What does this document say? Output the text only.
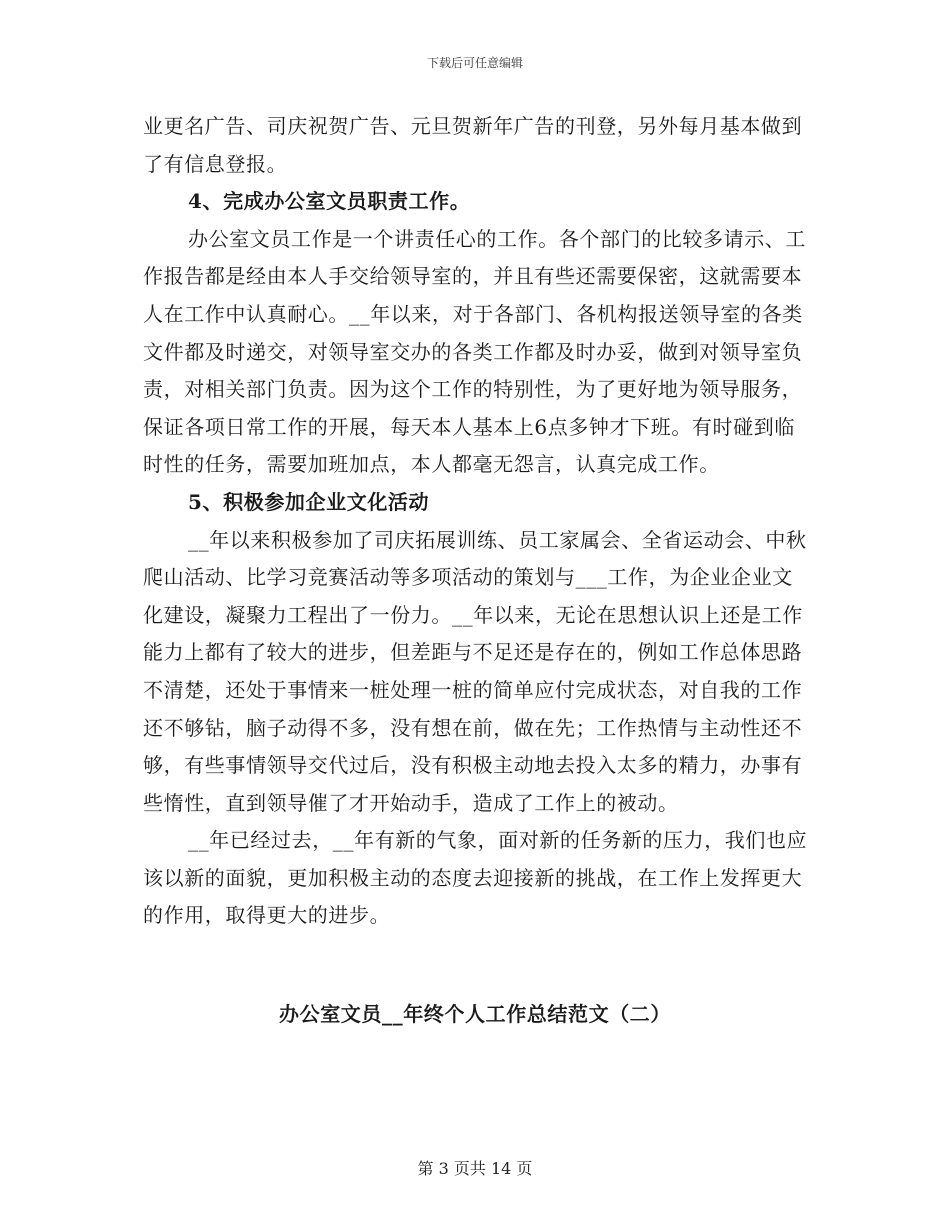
下载后可任意编辑

业更名广告、司庆祝贺广告、元旦贺新年广告的刊登，另外每月基本做到了有信息登报。

4、完成办公室文员职责工作。

办公室文员工作是一个讲责任心的工作。各个部门的比较多请示、工作报告都是经由本人手交给领导室的，并且有些还需要保密，这就需要本人在工作中认真耐心。__年以来，对于各部门、各机构报送领导室的各类文件都及时递交，对领导室交办的各类工作都及时办妥，做到对领导室负责，对相关部门负责。因为这个工作的特别性，为了更好地为领导服务，保证各项日常工作的开展，每天本人基本上6点多钟才下班。有时碰到临时性的任务，需要加班加点，本人都毫无怨言，认真完成工作。

5、积极参加企业文化活动

__年以来积极参加了司庆拓展训练、员工家属会、全省运动会、中秋爬山活动、比学习竞赛活动等多项活动的策划与___工作，为企业企业文化建设，凝聚力工程出了一份力。__年以来，无论在思想认识上还是工作能力上都有了较大的进步，但差距与不足还是存在的，例如工作总体思路不清楚，还处于事情来一桩处理一桩的简单应付完成状态，对自我的工作还不够钻，脑子动得不多，没有想在前，做在先；工作热情与主动性还不够，有些事情领导交代过后，没有积极主动地去投入太多的精力，办事有些惰性，直到领导催了才开始动手，造成了工作上的被动。

__年已经过去，__年有新的气象，面对新的任务新的压力，我们也应该以新的面貌，更加积极主动的态度去迎接新的挑战，在工作上发挥更大的作用，取得更大的进步。

办公室文员__年终个人工作总结范文（二）
第 3 页共 14 页
